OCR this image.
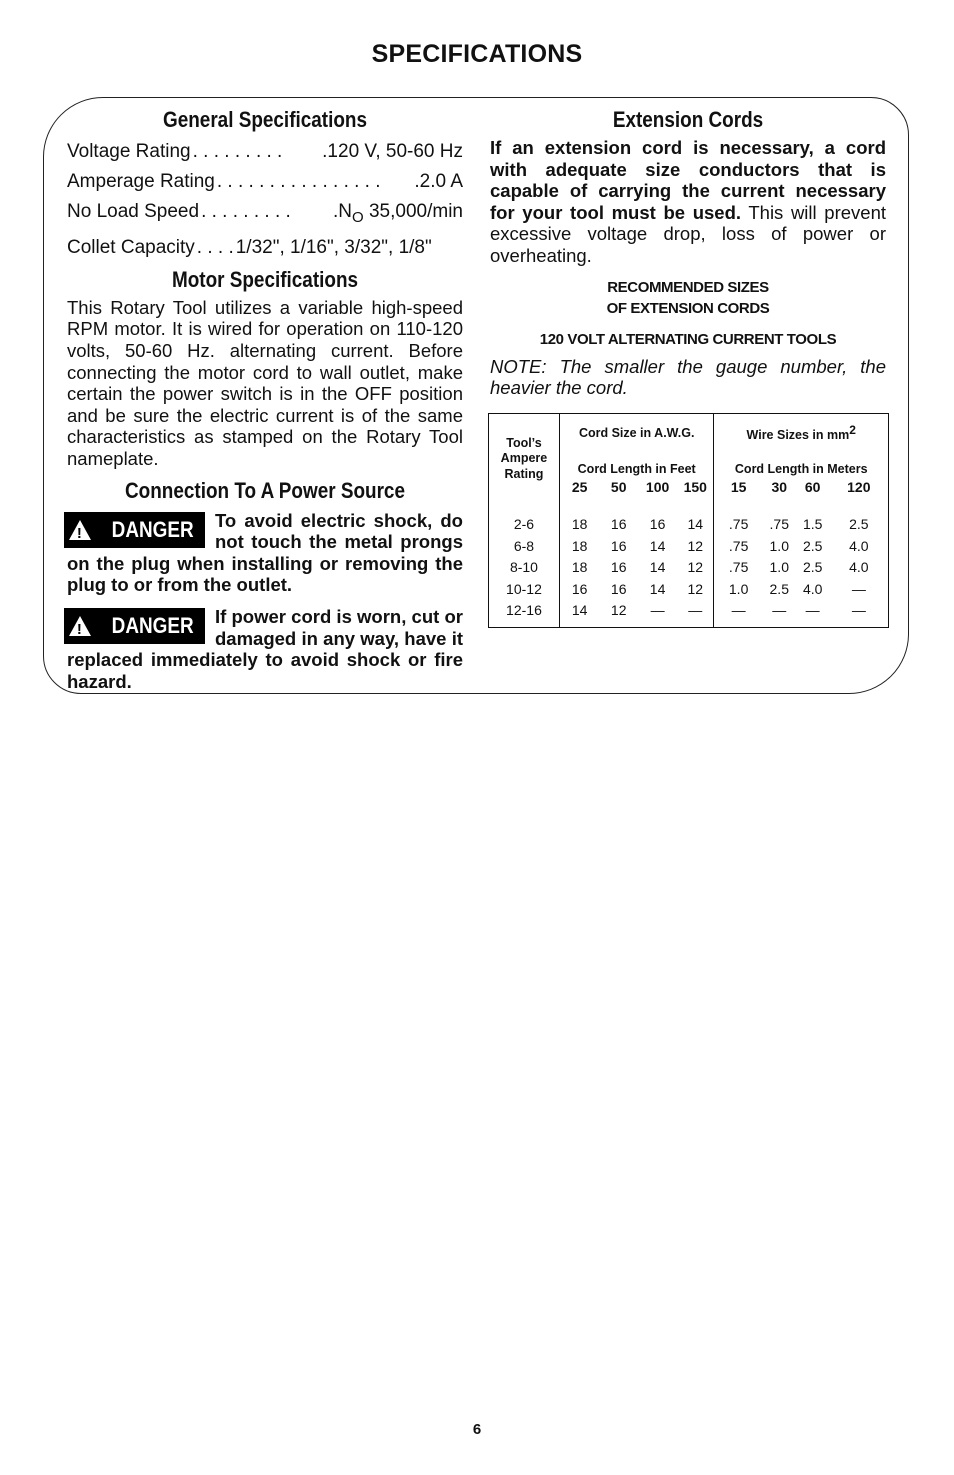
SPECIFICATIONS
General Specifications
Voltage Rating . . . . . . . . .	.120 V, 50-60 Hz
Amperage Rating . . . . . . . . . . . . . . . .	.2.0 A
No Load Speed . . . . . . . . .	$.N_O$ 35,000/min
Collet Capacity . . . . 1/32", 1/16", 3/32", 1/8"
Motor Specifications
This Rotary Tool utilizes a variable high-speed RPM motor. It is wired for operation on 110-120 volts, 50-60 Hz. alternating current. Before connecting the motor cord to wall outlet, make certain the power switch is in the OFF position and be sure the electric current is of the same characteristics as stamped on the Rotary Tool nameplate.
Connection To A Power Source
!
DANGER To avoid electric shock, do not touch the metal prongs on the plug when installing or removing the plug to or from the outlet.
!
DANGER If power cord is worn, cut or damaged in any way, have it replaced immediately to avoid shock or fire hazard.
Extension Cords
If an extension cord is necessary, a cord with adequate size conductors that is capable of carrying the current necessary for your tool must be used. This will prevent excessive voltage drop, loss of power or overheating.
RECOMMENDED SIZES
OF EXTENSION CORDS
120 VOLT ALTERNATING CURRENT TOOLS
NOTE: The smaller the gauge number, the heavier the cord.
Tool’s Ampere Rating	Cord Size in A.W.G.				Wire Sizes in $mm^2$
	Cord Length in Feet				Cord Length in Meters			
	25	50	100	150	15	30	60	120

2-6	18	16	16	14	.75	.75	1.5	2.5
6-8	18	16	14	12	.75	1.0	2.5	4.0
8-10	18	16	14	12	.75	1.0	2.5	4.0
10-12	16	16	14	12	1.0	2.5	4.0	—
12-16	14	12	—	—	—	—	—	—

6
